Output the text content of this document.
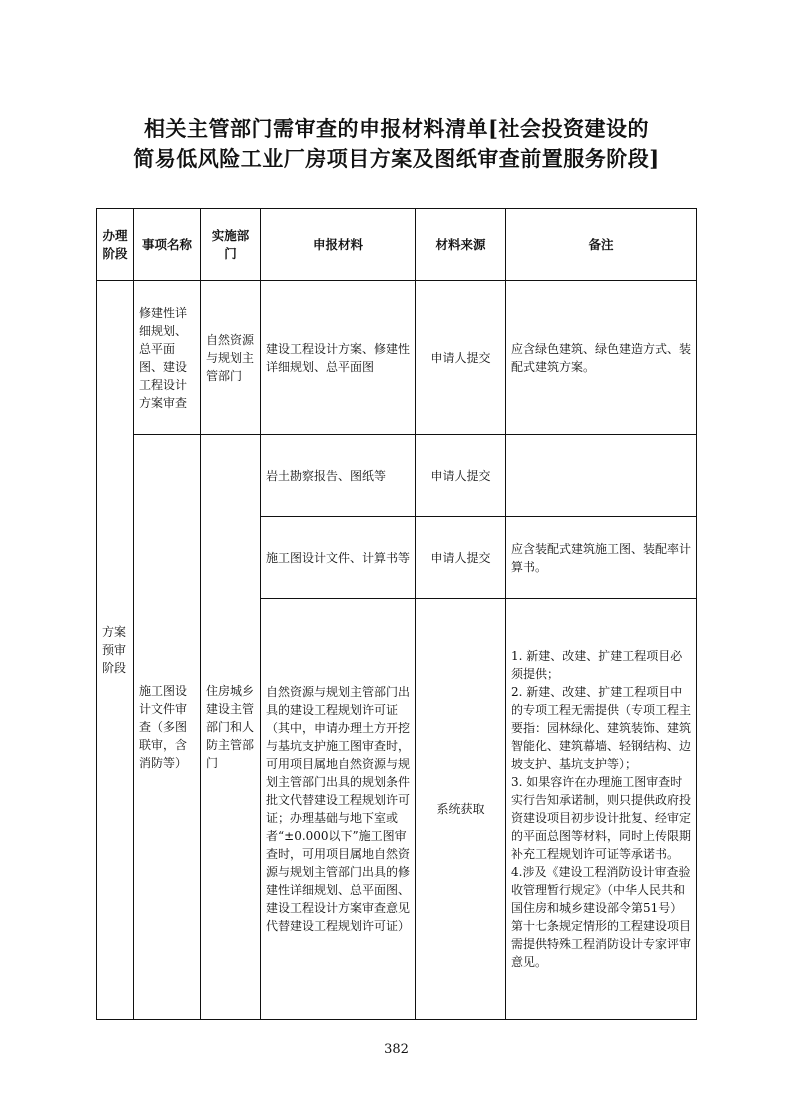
相关主管部门需审查的申报材料清单[社会投资建设的
简易低风险工业厂房项目方案及图纸审查前置服务阶段]
办理阶段	事项名称	实施部门	申报材料	材料来源	备注
方案预审阶段	修建性详细规划、总平面图、建设工程设计方案审查	自然资源与规划主管部门	建设工程设计方案、修建性详细规划、总平面图	申请人提交	应含绿色建筑、绿色建造方式、装配式建筑方案。
	施工图设计文件审查（多图联审，含消防等）	住房城乡建设主管部门和人防主管部门	岩土勘察报告、图纸等	申请人提交	
			施工图设计文件、计算书等	申请人提交	应含装配式建筑施工图、装配率计算书。
			自然资源与规划主管部门出具的建设工程规划许可证（其中，申请办理土方开挖与基坑支护施工图审查时，可用项目属地自然资源与规划主管部门出具的规划条件批文代替建设工程规划许可证；办理基础与地下室或者“±0.000以下”施工图审查时，可用项目属地自然资源与规划主管部门出具的修建性详细规划、总平面图、建设工程设计方案审查意见代替建设工程规划许可证）	系统获取	1. 新建、改建、扩建工程项目必须提供；
2. 新建、改建、扩建工程项目中的专项工程无需提供（专项工程主要指：园林绿化、建筑装饰、建筑智能化、建筑幕墙、轻钢结构、边坡支护、基坑支护等）；
3. 如果容许在办理施工图审查时实行告知承诺制，则只提供政府投资建设项目初步设计批复、经审定的平面总图等材料，同时上传限期补充工程规划许可证等承诺书。
4.涉及《建设工程消防设计审查验收管理暂行规定》（中华人民共和国住房和城乡建设部令第51号）第十七条规定情形的工程建设项目需提供特殊工程消防设计专家评审意见。
382
